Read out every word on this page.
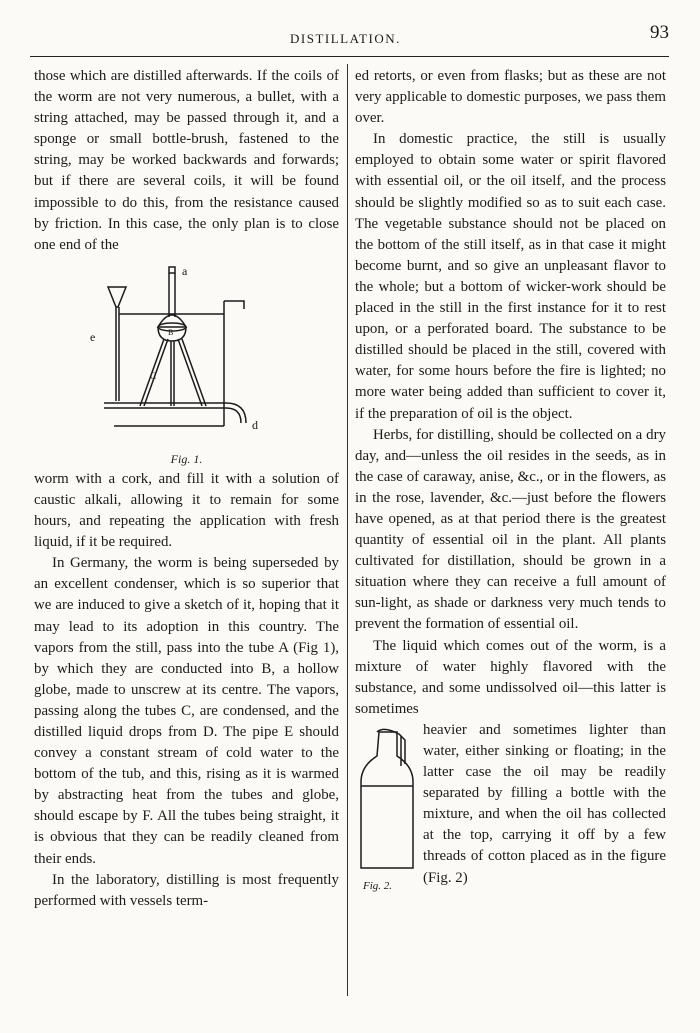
DISTILLATION.	93

those which are distilled afterwards. If the coils of the worm are not very numerous, a bullet, with a string attached, may be passed through it, and a sponge or small bottle-brush, fastened to the string, may be worked backwards and forwards; but if there are several coils, it will be found impossible to do this, from the resistance caused by friction. In this case, the only plan is to close one end of the

a
B
C
d
e
Fig. 1.

worm with a cork, and fill it with a solution of caustic alkali, allowing it to remain for some hours, and repeating the application with fresh liquid, if it be required.

In Germany, the worm is being superseded by an excellent condenser, which is so superior that we are induced to give a sketch of it, hoping that it may lead to its adoption in this country. The vapors from the still, pass into the tube A (Fig 1), by which they are conducted into B, a hollow globe, made to unscrew at its centre. The vapors, passing along the tubes C, are condensed, and the distilled liquid drops from D. The pipe E should convey a constant stream of cold water to the bottom of the tub, and this, rising as it is warmed by abstracting heat from the tubes and globe, should escape by F. All the tubes being straight, it is obvious that they can be readily cleaned from their ends.

In the laboratory, distilling is most frequently performed with vessels term-

ed retorts, or even from flasks; but as these are not very applicable to domestic purposes, we pass them over.

In domestic practice, the still is usually employed to obtain some water or spirit flavored with essential oil, or the oil itself, and the process should be slightly modified so as to suit each case. The vegetable substance should not be placed on the bottom of the still itself, as in that case it might become burnt, and so give an unpleasant flavor to the whole; but a bottom of wicker-work should be placed in the still in the first instance for it to rest upon, or a perforated board. The substance to be distilled should be placed in the still, covered with water, for some hours before the fire is lighted; no more water being added than sufficient to cover it, if the preparation of oil is the object.

Herbs, for distilling, should be collected on a dry day, and—unless the oil resides in the seeds, as in the case of caraway, anise, &c., or in the flowers, as in the rose, lavender, &c.—just before the flowers have opened, as at that period there is the greatest quantity of essential oil in the plant. All plants cultivated for distillation, should be grown in a situation where they can receive a full amount of sun-light, as shade or darkness very much tends to prevent the formation of essential oil.

The liquid which comes out of the worm, is a mixture of water highly flavored with the substance, and some undissolved oil—this latter is sometimes

Fig. 2.

heavier and sometimes lighter than water, either sinking or floating; in the latter case the oil may be readily separated by filling a bottle with the mixture, and when the oil has collected at the top, carrying it off by a few threads of cotton placed as in the figure (Fig. 2)
